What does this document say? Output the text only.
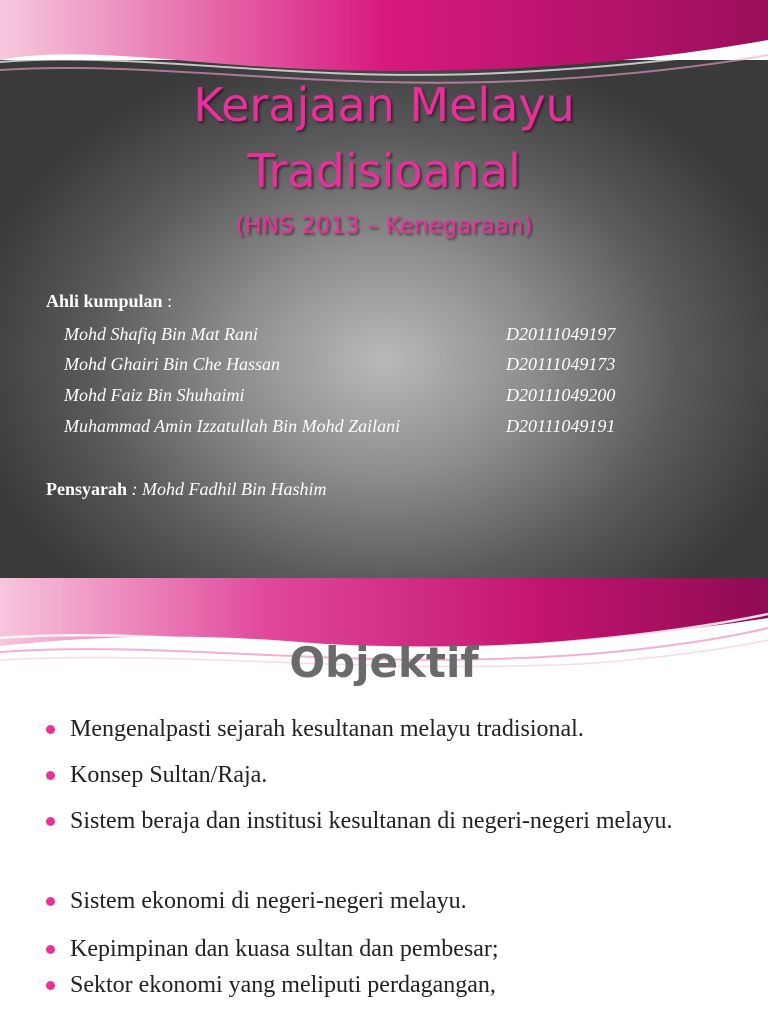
Kerajaan Melayu
Tradisioanal
(HNS 2013 – Kenegaraan)
Ahli kumpulan :
Mohd Shafiq Bin Mat Rani	D20111049197
Mohd Ghairi Bin Che Hassan	D20111049173
Mohd Faiz Bin Shuhaimi	D20111049200
Muhammad Amin Izzatullah Bin Mohd Zailani	D20111049191
Pensyarah : Mohd Fadhil Bin Hashim
Objektif
Mengenalpasti sejarah kesultanan melayu tradisional.
Konsep Sultan/Raja.
Sistem beraja dan institusi kesultanan di negeri-negeri melayu.
Sistem ekonomi di negeri-negeri melayu.
Kepimpinan dan kuasa sultan dan pembesar;
Sektor ekonomi yang meliputi perdagangan,
